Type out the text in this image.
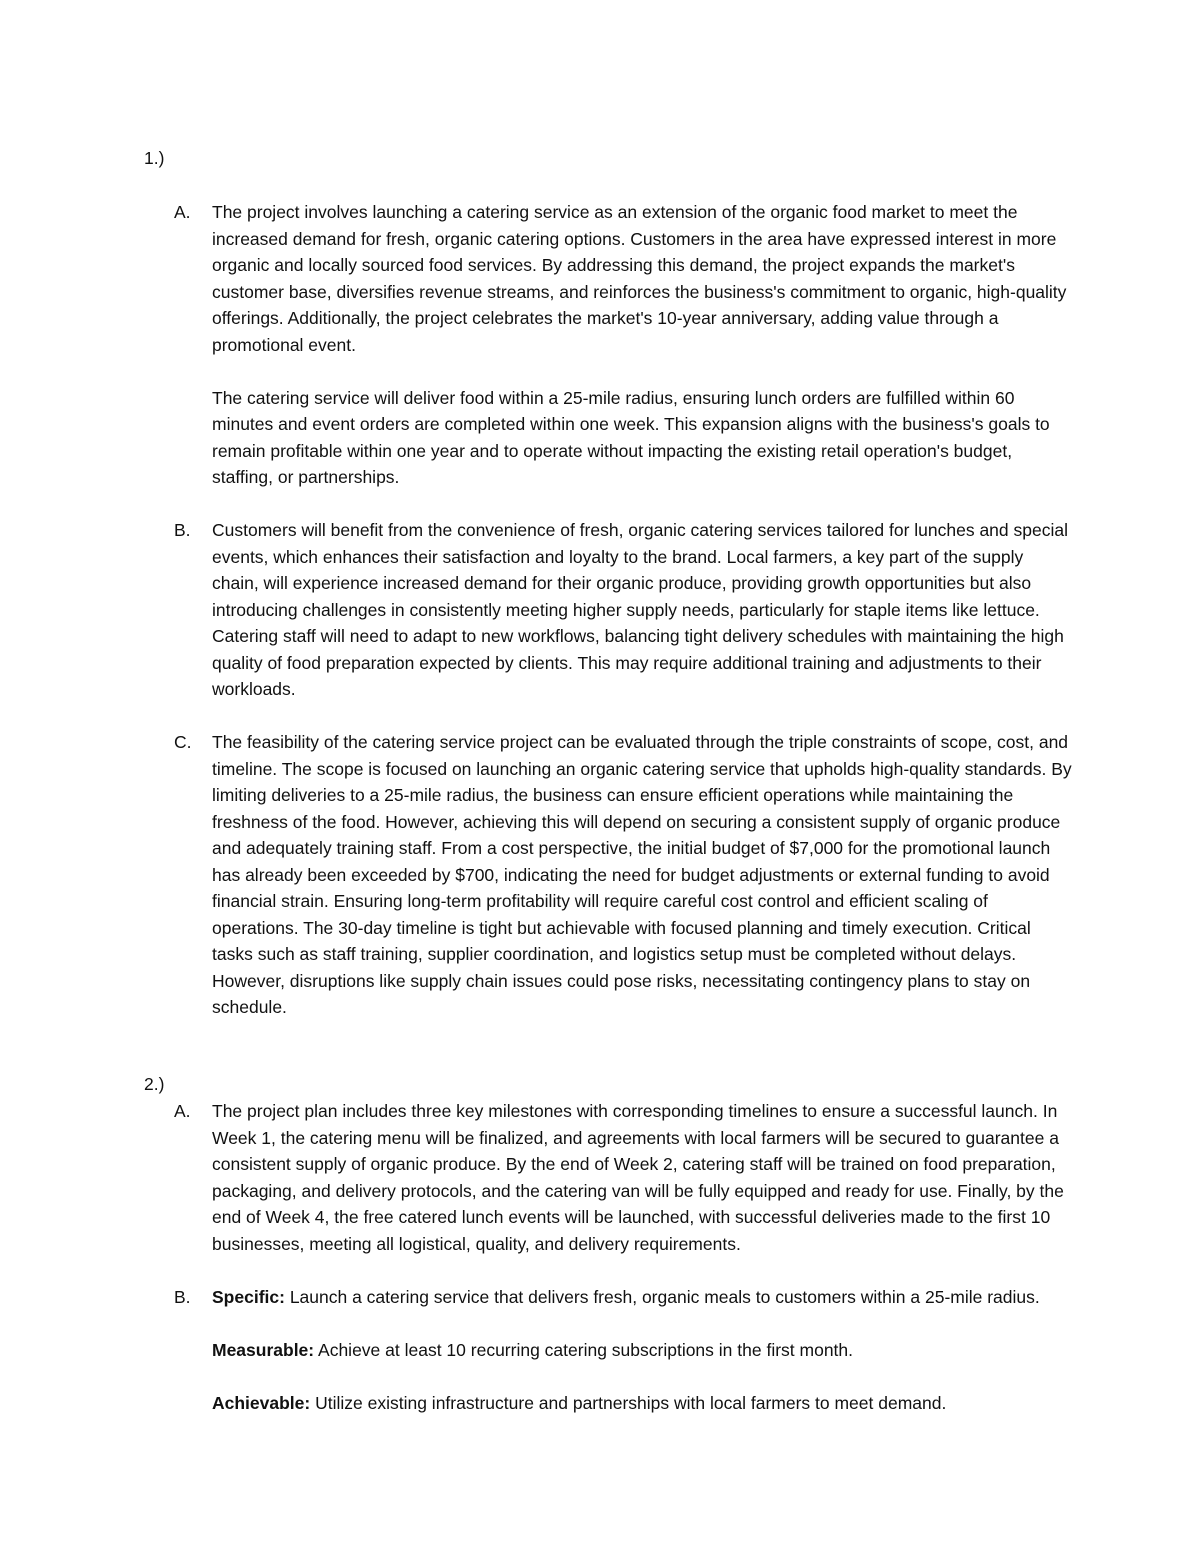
1.)

A. The project involves launching a catering service as an extension of the organic food market to meet the increased demand for fresh, organic catering options. Customers in the area have expressed interest in more organic and locally sourced food services. By addressing this demand, the project expands the market's customer base, diversifies revenue streams, and reinforces the business's commitment to organic, high-quality offerings. Additionally, the project celebrates the market's 10-year anniversary, adding value through a promotional event.

The catering service will deliver food within a 25-mile radius, ensuring lunch orders are fulfilled within 60 minutes and event orders are completed within one week. This expansion aligns with the business's goals to remain profitable within one year and to operate without impacting the existing retail operation's budget, staffing, or partnerships.

B. Customers will benefit from the convenience of fresh, organic catering services tailored for lunches and special events, which enhances their satisfaction and loyalty to the brand. Local farmers, a key part of the supply chain, will experience increased demand for their organic produce, providing growth opportunities but also introducing challenges in consistently meeting higher supply needs, particularly for staple items like lettuce. Catering staff will need to adapt to new workflows, balancing tight delivery schedules with maintaining the high quality of food preparation expected by clients. This may require additional training and adjustments to their workloads.

C. The feasibility of the catering service project can be evaluated through the triple constraints of scope, cost, and timeline. The scope is focused on launching an organic catering service that upholds high-quality standards. By limiting deliveries to a 25-mile radius, the business can ensure efficient operations while maintaining the freshness of the food. However, achieving this will depend on securing a consistent supply of organic produce and adequately training staff. From a cost perspective, the initial budget of $7,000 for the promotional launch has already been exceeded by $700, indicating the need for budget adjustments or external funding to avoid financial strain. Ensuring long-term profitability will require careful cost control and efficient scaling of operations. The 30-day timeline is tight but achievable with focused planning and timely execution. Critical tasks such as staff training, supplier coordination, and logistics setup must be completed without delays. However, disruptions like supply chain issues could pose risks, necessitating contingency plans to stay on schedule.

2.)

A. The project plan includes three key milestones with corresponding timelines to ensure a successful launch. In Week 1, the catering menu will be finalized, and agreements with local farmers will be secured to guarantee a consistent supply of organic produce. By the end of Week 2, catering staff will be trained on food preparation, packaging, and delivery protocols, and the catering van will be fully equipped and ready for use. Finally, by the end of Week 4, the free catered lunch events will be launched, with successful deliveries made to the first 10 businesses, meeting all logistical, quality, and delivery requirements.

B. Specific: Launch a catering service that delivers fresh, organic meals to customers within a 25-mile radius.

Measurable: Achieve at least 10 recurring catering subscriptions in the first month.

Achievable: Utilize existing infrastructure and partnerships with local farmers to meet demand.
